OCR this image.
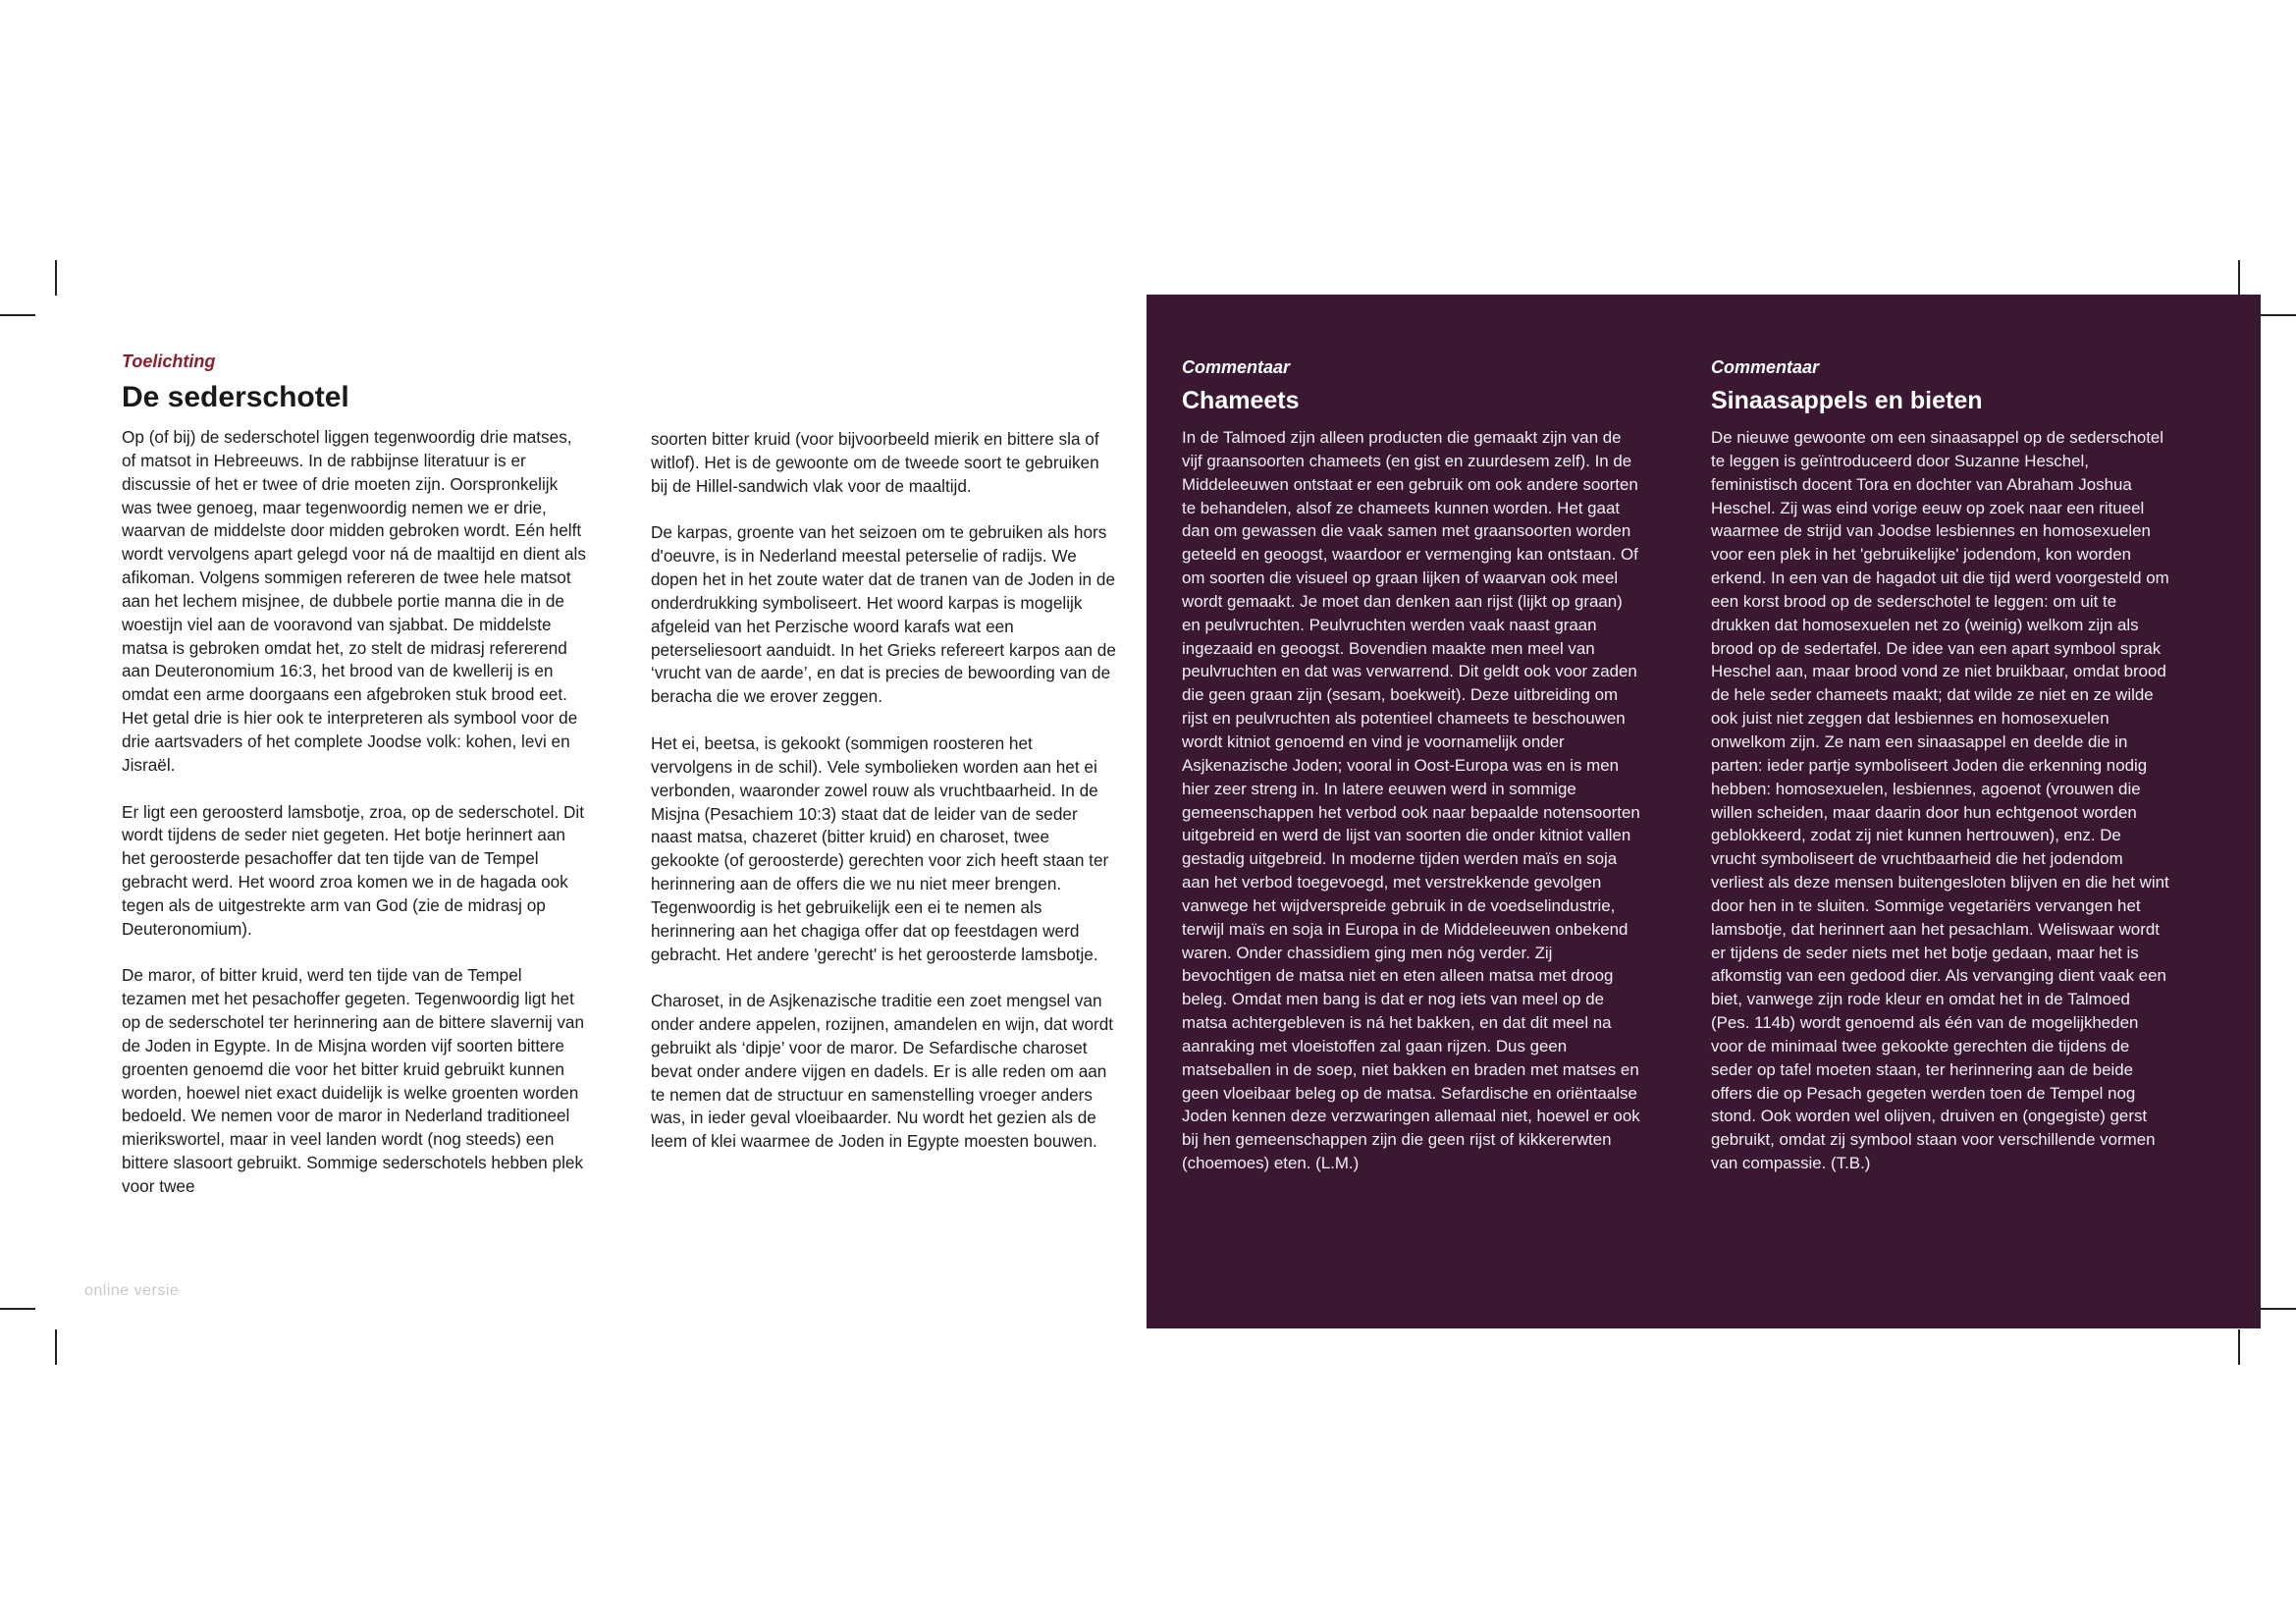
Toelichting
De sederschotel

Op (of bij) de sederschotel liggen tegenwoordig drie matses, of matsot in Hebreeuws. In de rabbijnse literatuur is er discussie of het er twee of drie moeten zijn. Oorspronkelijk was twee genoeg, maar tegenwoordig nemen we er drie, waarvan de middelste door midden gebroken wordt. Eén helft wordt vervolgens apart gelegd voor ná de maaltijd en dient als afikoman. Volgens sommigen refereren de twee hele matsot aan het lechem misjnee, de dubbele portie manna die in de woestijn viel aan de vooravond van sjabbat. De middelste matsa is gebroken omdat het, zo stelt de midrasj refererend aan Deuteronomium 16:3, het brood van de kwellerij is en omdat een arme doorgaans een afgebroken stuk brood eet. Het getal drie is hier ook te interpreteren als symbool voor de drie aartsvaders of het complete Joodse volk: kohen, levi en Jisraël.

Er ligt een geroosterd lamsbotje, zroa, op de sederschotel. Dit wordt tijdens de seder niet gegeten. Het botje herinnert aan het geroosterde pesachoffer dat ten tijde van de Tempel gebracht werd. Het woord zroa komen we in de hagada ook tegen als de uitgestrekte arm van God (zie de midrasj op Deuteronomium).

De maror, of bitter kruid, werd ten tijde van de Tempel tezamen met het pesachoffer gegeten. Tegenwoordig ligt het op de sederschotel ter herinnering aan de bittere slavernij van de Joden in Egypte. In de Misjna worden vijf soorten bittere groenten genoemd die voor het bitter kruid gebruikt kunnen worden, hoewel niet exact duidelijk is welke groenten worden bedoeld. We nemen voor de maror in Nederland traditioneel mierikswortel, maar in veel landen wordt (nog steeds) een bittere slasoort gebruikt. Sommige sederschotels hebben plek voor twee

soorten bitter kruid (voor bijvoorbeeld mierik en bittere sla of witlof). Het is de gewoonte om de tweede soort te gebruiken bij de Hillel-sandwich vlak voor de maaltijd.

De karpas, groente van het seizoen om te gebruiken als hors d'oeuvre, is in Nederland meestal peterselie of radijs. We dopen het in het zoute water dat de tranen van de Joden in de onderdrukking symboliseert. Het woord karpas is mogelijk afgeleid van het Perzische woord karafs wat een peterseliesoort aanduidt. In het Grieks refereert karpos aan de ‘vrucht van de aarde’, en dat is precies de bewoording van de beracha die we erover zeggen.

Het ei, beetsa, is gekookt (sommigen roosteren het vervolgens in de schil). Vele symbolieken worden aan het ei verbonden, waaronder zowel rouw als vruchtbaarheid. In de Misjna (Pesachiem 10:3) staat dat de leider van de seder naast matsa, chazeret (bitter kruid) en charoset, twee gekookte (of geroosterde) gerechten voor zich heeft staan ter herinnering aan de offers die we nu niet meer brengen. Tegenwoordig is het gebruikelijk een ei te nemen als herinnering aan het chagiga offer dat op feestdagen werd gebracht. Het andere 'gerecht' is het geroosterde lamsbotje.

Charoset, in de Asjkenazische traditie een zoet mengsel van onder andere appelen, rozijnen, amandelen en wijn, dat wordt gebruikt als ‘dipje’ voor de maror. De Sefardische charoset bevat onder andere vijgen en dadels. Er is alle reden om aan te nemen dat de structuur en samenstelling vroeger anders was, in ieder geval vloeibaarder. Nu wordt het gezien als de leem of klei waarmee de Joden in Egypte moesten bouwen.

Commentaar
Chameets

In de Talmoed zijn alleen producten die gemaakt zijn van de vijf graansoorten chameets (en gist en zuurdesem zelf). In de Middeleeuwen ontstaat er een gebruik om ook andere soorten te behandelen, alsof ze chameets kunnen worden. Het gaat dan om gewassen die vaak samen met graansoorten worden geteeld en geoogst, waardoor er vermenging kan ontstaan. Of om soorten die visueel op graan lijken of waarvan ook meel wordt gemaakt. Je moet dan denken aan rijst (lijkt op graan) en peulvruchten. Peulvruchten werden vaak naast graan ingezaaid en geoogst. Bovendien maakte men meel van peulvruchten en dat was verwarrend. Dit geldt ook voor zaden die geen graan zijn (sesam, boekweit). Deze uitbreiding om rijst en peulvruchten als potentieel chameets te beschouwen wordt kitniot genoemd en vind je voornamelijk onder Asjkenazische Joden; vooral in Oost-Europa was en is men hier zeer streng in. In latere eeuwen werd in sommige gemeenschappen het verbod ook naar bepaalde notensoorten uitgebreid en werd de lijst van soorten die onder kitniot vallen gestadig uitgebreid. In moderne tijden werden maïs en soja aan het verbod toegevoegd, met verstrekkende gevolgen vanwege het wijdverspreide gebruik in de voedselindustrie, terwijl maïs en soja in Europa in de Middeleeuwen onbekend waren. Onder chassidiem ging men nóg verder. Zij bevochtigen de matsa niet en eten alleen matsa met droog beleg. Omdat men bang is dat er nog iets van meel op de matsa achtergebleven is ná het bakken, en dat dit meel na aanraking met vloeistoffen zal gaan rijzen. Dus geen matseballen in de soep, niet bakken en braden met matses en geen vloeibaar beleg op de matsa. Sefardische en oriëntaalse Joden kennen deze verzwaringen allemaal niet, hoewel er ook bij hen gemeenschappen zijn die geen rijst of kikkererwten (choemoes) eten. (L.M.)

Commentaar
Sinaasappels en bieten

De nieuwe gewoonte om een sinaasappel op de sederschotel te leggen is geïntroduceerd door Suzanne Heschel, feministisch docent Tora en dochter van Abraham Joshua Heschel. Zij was eind vorige eeuw op zoek naar een ritueel waarmee de strijd van Joodse lesbiennes en homosexuelen voor een plek in het 'gebruikelijke' jodendom, kon worden erkend. In een van de hagadot uit die tijd werd voorgesteld om een korst brood op de sederschotel te leggen: om uit te drukken dat homosexuelen net zo (weinig) welkom zijn als brood op de sedertafel. De idee van een apart symbool sprak Heschel aan, maar brood vond ze niet bruikbaar, omdat brood de hele seder chameets maakt; dat wilde ze niet en ze wilde ook juist niet zeggen dat lesbiennes en homosexuelen onwelkom zijn. Ze nam een sinaasappel en deelde die in parten: ieder partje symboliseert Joden die erkenning nodig hebben: homosexuelen, lesbiennes, agoenot (vrouwen die willen scheiden, maar daarin door hun echtgenoot worden geblokkeerd, zodat zij niet kunnen hertrouwen), enz. De vrucht symboliseert de vruchtbaarheid die het jodendom verliest als deze mensen buitengesloten blijven en die het wint door hen in te sluiten. Sommige vegetariërs vervangen het lamsbotje, dat herinnert aan het pesachlam. Weliswaar wordt er tijdens de seder niets met het botje gedaan, maar het is afkomstig van een gedood dier. Als vervanging dient vaak een biet, vanwege zijn rode kleur en omdat het in de Talmoed (Pes. 114b) wordt genoemd als één van de mogelijkheden voor de minimaal twee gekookte gerechten die tijdens de seder op tafel moeten staan, ter herinnering aan de beide offers die op Pesach gegeten werden toen de Tempel nog stond. Ook worden wel olijven, druiven en (ongegiste) gerst gebruikt, omdat zij symbool staan voor verschillende vormen van compassie. (T.B.)

online versie
